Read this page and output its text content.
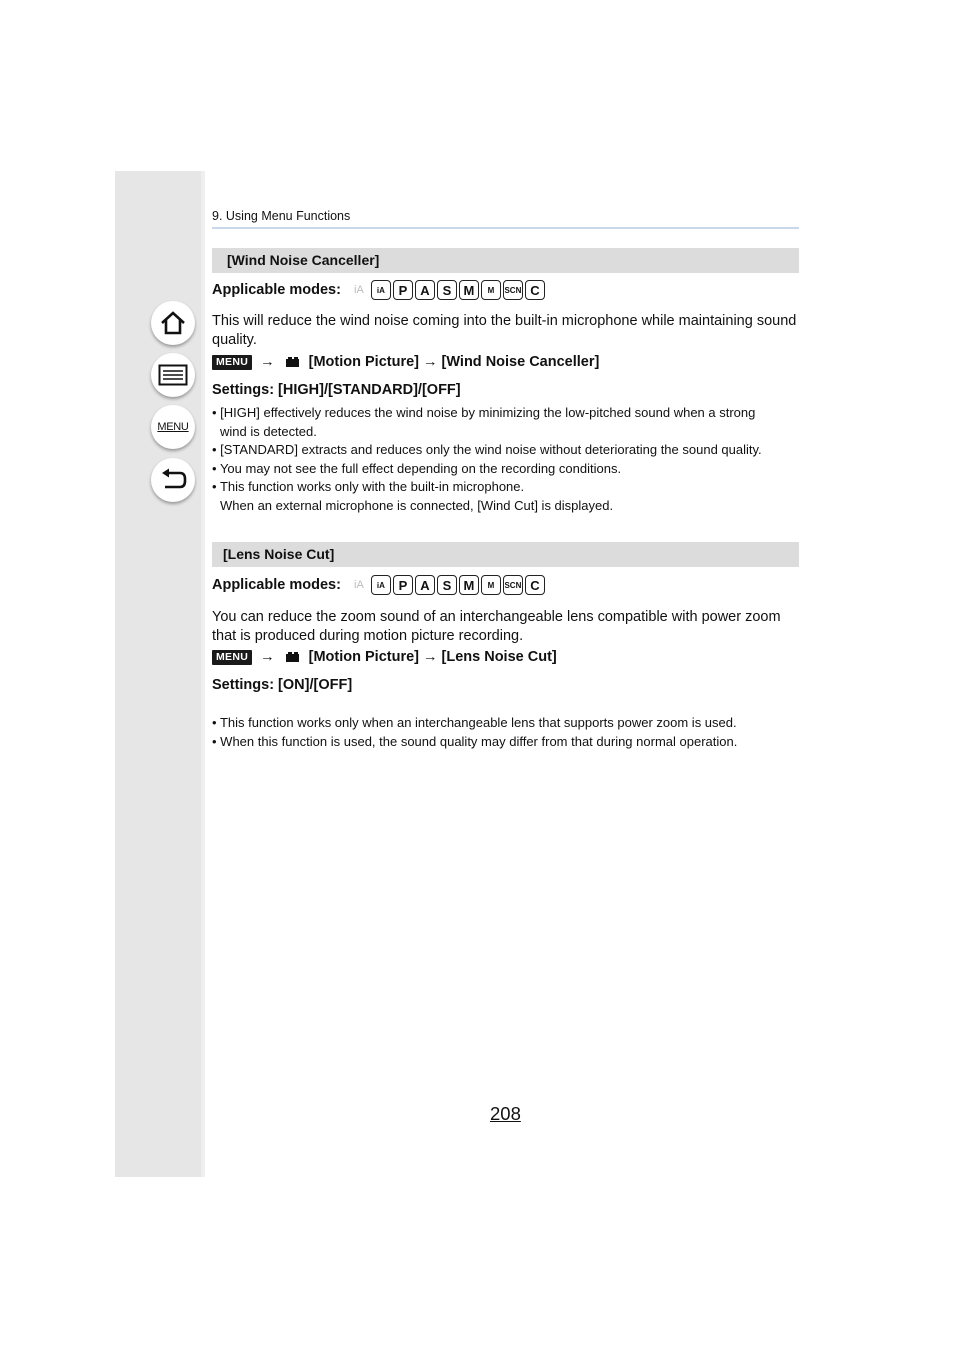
MENU
9. Using Menu Functions
[Wind Noise Canceller]
Applicable modes:	iA	iA	P A S M	M	SCN C
This will reduce the wind noise coming into the built-in microphone while maintaining sound quality.
MENU → [Motion Picture] → [Wind Noise Canceller]
Settings: [HIGH]/[STANDARD]/[OFF]
• [HIGH] effectively reduces the wind noise by minimizing the low-pitched sound when a strong

wind is detected.
• [STANDARD] extracts and reduces only the wind noise without deteriorating the sound quality.
• You may not see the full effect depending on the recording conditions.
• This function works only with the built-in microphone.

When an external microphone is connected, [Wind Cut] is displayed.
[Lens Noise Cut]
Applicable modes:	iA	iA	P A S M	M	SCN C
You can reduce the zoom sound of an interchangeable lens compatible with power zoom that is produced during motion picture recording.
MENU → [Motion Picture] → [Lens Noise Cut]
Settings: [ON]/[OFF]
• This function works only when an interchangeable lens that supports power zoom is used.
• When this function is used, the sound quality may differ from that during normal operation.
208
